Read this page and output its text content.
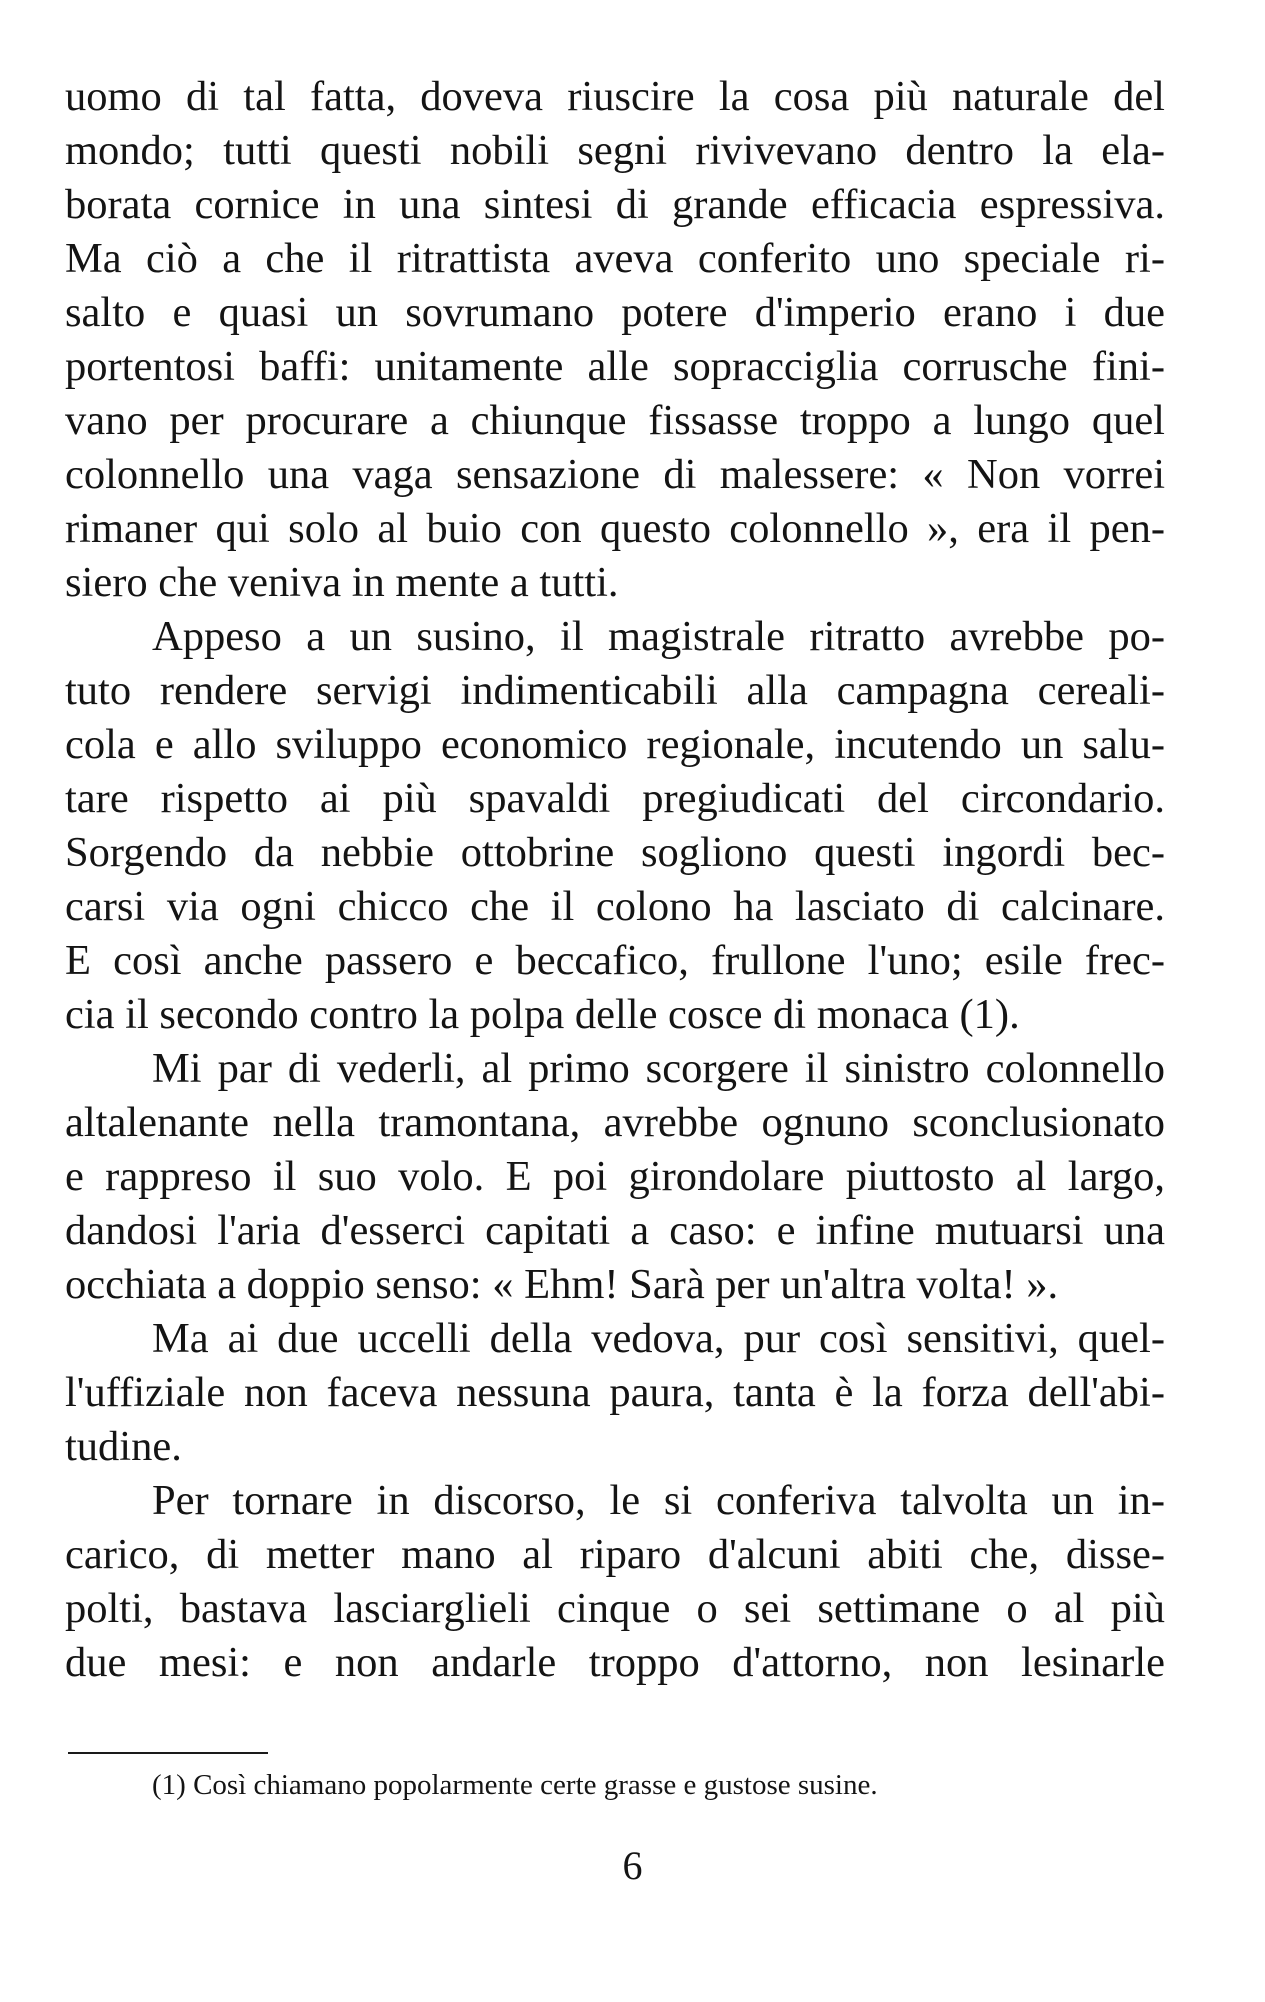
uomo di tal fatta, doveva riuscire la cosa più naturale del
mondo; tutti questi nobili segni rivivevano dentro la ela-
borata cornice in una sintesi di grande efficacia espressiva.
Ma ciò a che il ritrattista aveva conferito uno speciale ri-
salto e quasi un sovrumano potere d'imperio erano i due
portentosi baffi: unitamente alle sopracciglia corrusche fini-
vano per procurare a chiunque fissasse troppo a lungo quel
colonnello una vaga sensazione di malessere: « Non vorrei
rimaner qui solo al buio con questo colonnello », era il pen-
siero che veniva in mente a tutti.
Appeso a un susino, il magistrale ritratto avrebbe po-
tuto rendere servigi indimenticabili alla campagna cereali-
cola e allo sviluppo economico regionale, incutendo un salu-
tare rispetto ai più spavaldi pregiudicati del circondario.
Sorgendo da nebbie ottobrine sogliono questi ingordi bec-
carsi via ogni chicco che il colono ha lasciato di calcinare.
E così anche passero e beccafico, frullone l'uno; esile frec-
cia il secondo contro la polpa delle cosce di monaca (1).
Mi par di vederli, al primo scorgere il sinistro colonnello
altalenante nella tramontana, avrebbe ognuno sconclusionato
e rappreso il suo volo. E poi girondolare piuttosto al largo,
dandosi l'aria d'esserci capitati a caso: e infine mutuarsi una
occhiata a doppio senso: « Ehm! Sarà per un'altra volta! ».
Ma ai due uccelli della vedova, pur così sensitivi, quel-
l'uffiziale non faceva nessuna paura, tanta è la forza dell'abi-
tudine.
Per tornare in discorso, le si conferiva talvolta un in-
carico, di metter mano al riparo d'alcuni abiti che, disse-
polti, bastava lasciarglieli cinque o sei settimane o al più
due mesi: e non andarle troppo d'attorno, non lesinarle
(1) Così chiamano popolarmente certe grasse e gustose susine.
6
